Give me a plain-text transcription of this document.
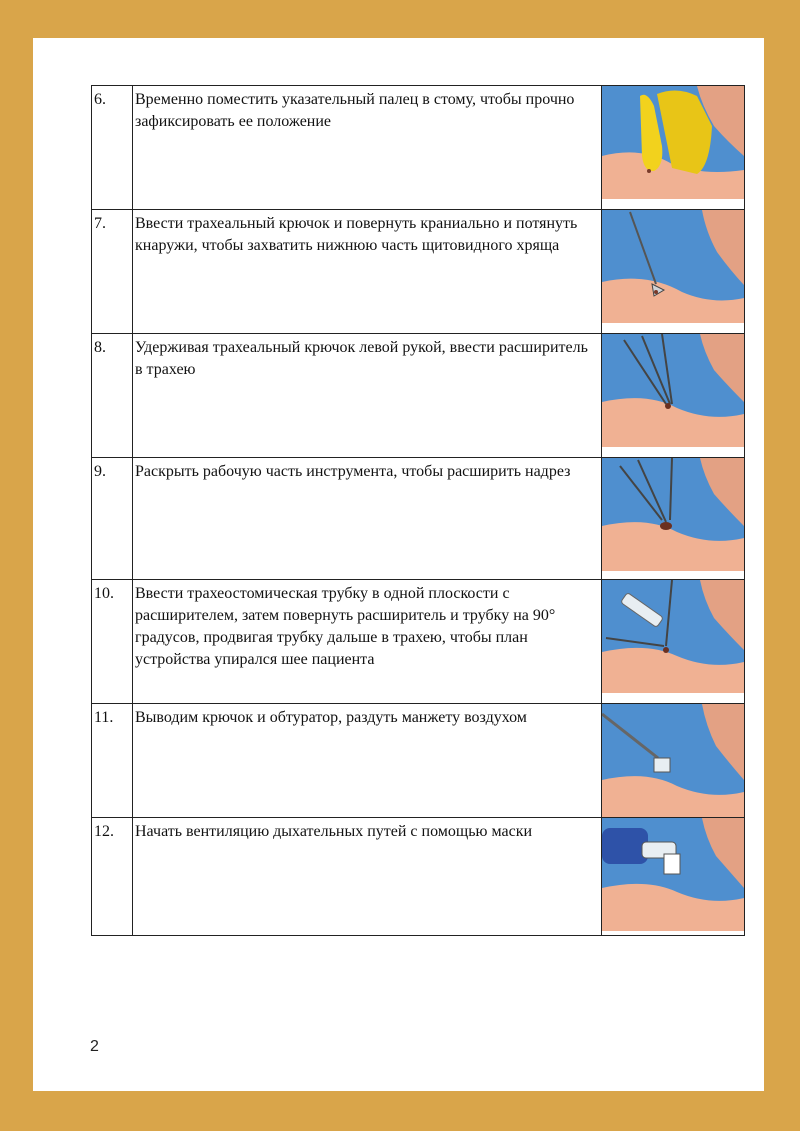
6.	Временно поместить указательный палец в стому, чтобы прочно зафиксировать ее положение	

7.	Ввести трахеальный крючок и повернуть краниально и потянуть кнаружи, чтобы захватить нижнюю часть щитовидного хряща	

8.	Удерживая трахеальный крючок левой рукой, ввести расширитель в трахею	

9.	Раскрыть рабочую часть инструмента, чтобы расширить надрез	

10.	Ввести трахеостомическая трубку в одной плоскости с расширителем, затем повернуть расширитель и трубку на 90° градусов, продвигая трубку дальше в трахею, чтобы план устройства упирался шее пациента	

11.	Выводим крючок и обтуратор, раздуть манжету воздухом	

12.	Начать вентиляцию дыхательных путей с помощью маски	
2
